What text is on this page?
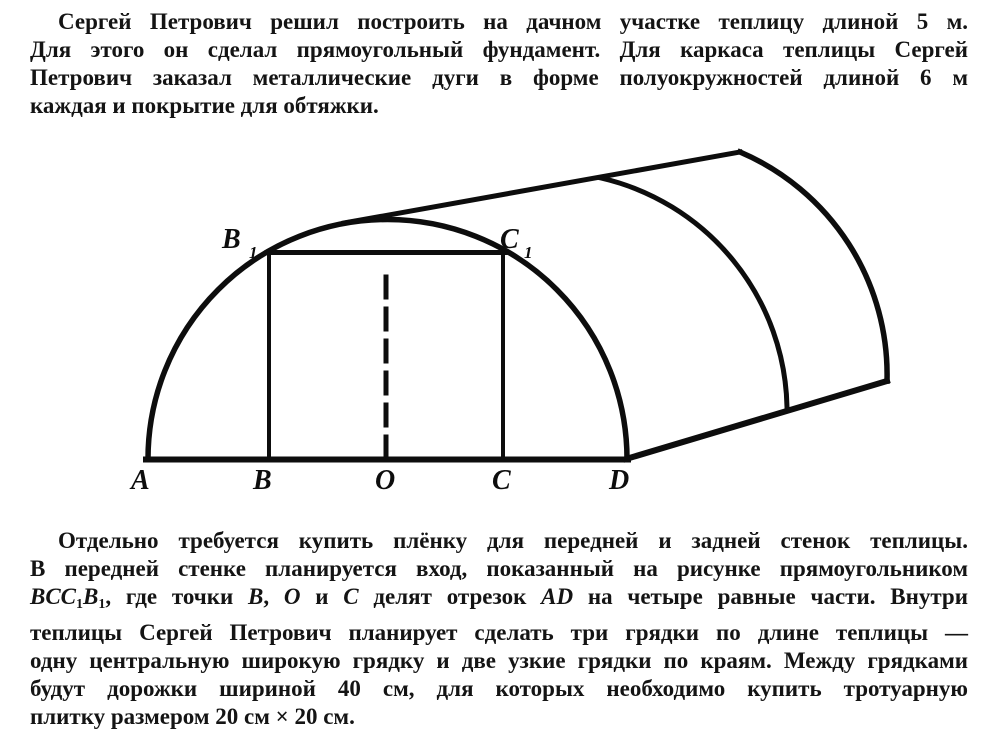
Сергей Петрович решил построить на дачном участке теплицу длиной 5 м.
Для этого он сделал прямоугольный фундамент. Для каркаса теплицы Сергей
Петрович заказал металлические дуги в форме полуокружностей длиной 6 м
каждая и покрытие для обтяжки.
A	B	O	C	D
B 1	C 1
Отдельно требуется купить плёнку для передней и задней стенок теплицы.
В передней стенке планируется вход, показанный на рисунке прямоугольником
BCC1B1, где точки B, O и C делят отрезок AD на четыре равные части. Внутри
теплицы Сергей Петрович планирует сделать три грядки по длине теплицы —
одну центральную широкую грядку и две узкие грядки по краям. Между грядками
будут дорожки шириной 40 см, для которых необходимо купить тротуарную
плитку размером 20 см × 20 см.
